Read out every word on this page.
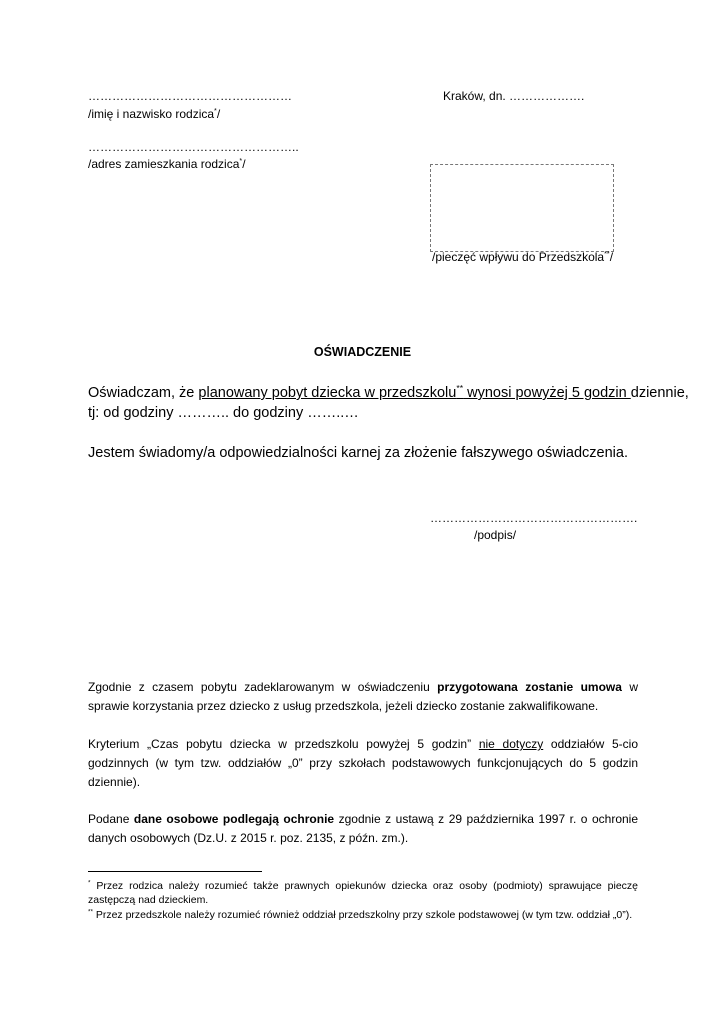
……………………………………………
/imię i nazwisko rodzica*/
……………………………………………..
/adres zamieszkania rodzica*/
Kraków, dn. ……………….
/pieczęć wpływu do Przedszkola**/
OŚWIADCZENIE
Oświadczam, że planowany pobyt dziecka w przedszkolu** wynosi powyżej 5 godzin dziennie,
tj: od godziny ……….. do godziny ……..…
Jestem świadomy/a odpowiedzialności karnej za złożenie fałszywego oświadczenia.
…………………………………………….
/podpis/
Zgodnie z czasem pobytu zadeklarowanym w oświadczeniu przygotowana zostanie umowa w sprawie korzystania przez dziecko z usług przedszkola, jeżeli dziecko zostanie zakwalifikowane.
Kryterium „Czas pobytu dziecka w przedszkolu powyżej 5 godzin” nie dotyczy oddziałów 5-cio godzinnych (w tym tzw. oddziałów „0” przy szkołach podstawowych funkcjonujących do 5 godzin dziennie).
Podane dane osobowe podlegają ochronie zgodnie z ustawą z 29 października 1997 r. o ochronie danych osobowych (Dz.U. z 2015 r. poz. 2135, z późn. zm.).
* Przez rodzica należy rozumieć także prawnych opiekunów dziecka oraz osoby (podmioty) sprawujące pieczę zastępczą nad dzieckiem.
** Przez przedszkole należy rozumieć również oddział przedszkolny przy szkole podstawowej (w tym tzw. oddział „0”).
